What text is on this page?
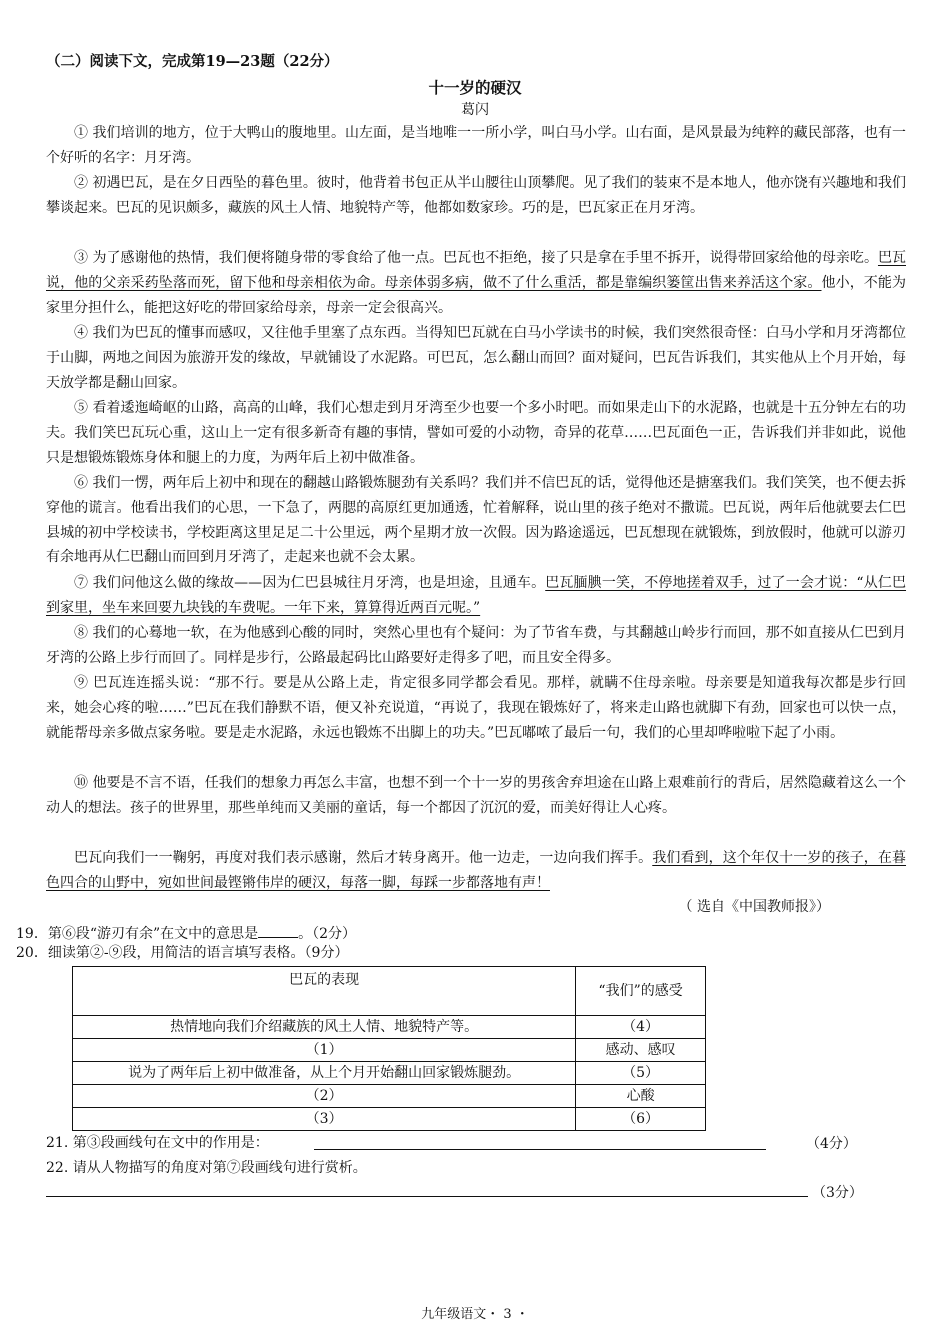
（二）阅读下文，完成第19—23题（22分）
十一岁的硬汉
葛闪

① 我们培训的地方，位于大鸭山的腹地里。山左面，是当地唯一一所小学，叫白马小学。山右面，是风景最为纯粹的藏民部落，也有一个好听的名字：月牙湾。

② 初遇巴瓦，是在夕日西坠的暮色里。彼时，他背着书包正从半山腰往山顶攀爬。见了我们的装束不是本地人，他亦饶有兴趣地和我们攀谈起来。巴瓦的见识颇多，藏族的风土人情、地貌特产等，他都如数家珍。巧的是，巴瓦家正在月牙湾。

③ 为了感谢他的热情，我们便将随身带的零食给了他一点。巴瓦也不拒绝，接了只是拿在手里不拆开，说得带回家给他的母亲吃。巴瓦说，他的父亲采药坠落而死，留下他和母亲相依为命。母亲体弱多病，做不了什么重活，都是靠编织篓筐出售来养活这个家。他小，不能为家里分担什么，能把这好吃的带回家给母亲，母亲一定会很高兴。

④ 我们为巴瓦的懂事而感叹，又往他手里塞了点东西。当得知巴瓦就在白马小学读书的时候，我们突然很奇怪：白马小学和月牙湾都位于山脚，两地之间因为旅游开发的缘故，早就铺设了水泥路。可巴瓦，怎么翻山而回？面对疑问，巴瓦告诉我们，其实他从上个月开始，每天放学都是翻山回家。

⑤ 看着逶迤崎岖的山路，高高的山峰，我们心想走到月牙湾至少也要一个多小时吧。而如果走山下的水泥路，也就是十五分钟左右的功夫。我们笑巴瓦玩心重，这山上一定有很多新奇有趣的事情，譬如可爱的小动物，奇异的花草……巴瓦面色一正，告诉我们并非如此，说他只是想锻炼锻炼身体和腿上的力度，为两年后上初中做准备。

⑥ 我们一愣，两年后上初中和现在的翻越山路锻炼腿劲有关系吗？我们并不信巴瓦的话，觉得他还是搪塞我们。我们笑笑，也不便去拆穿他的谎言。他看出我们的心思，一下急了，两腮的高原红更加通透，忙着解释，说山里的孩子绝对不撒谎。巴瓦说，两年后他就要去仁巴县城的初中学校读书，学校距离这里足足二十公里远，两个星期才放一次假。因为路途遥远，巴瓦想现在就锻炼，到放假时，他就可以游刃有余地再从仁巴翻山而回到月牙湾了，走起来也就不会太累。

⑦ 我们问他这么做的缘故——因为仁巴县城往月牙湾，也是坦途，且通车。巴瓦腼腆一笑，不停地搓着双手，过了一会才说：“从仁巴到家里，坐车来回要九块钱的车费呢。一年下来，算算得近两百元呢。”

⑧ 我们的心蓦地一软，在为他感到心酸的同时，突然心里也有个疑问：为了节省车费，与其翻越山岭步行而回，那不如直接从仁巴到月牙湾的公路上步行而回了。同样是步行，公路最起码比山路要好走得多了吧，而且安全得多。

⑨ 巴瓦连连摇头说：“那不行。要是从公路上走，肯定很多同学都会看见。那样，就瞒不住母亲啦。母亲要是知道我每次都是步行回来，她会心疼的啦……”巴瓦在我们静默不语，便又补充说道，“再说了，我现在锻炼好了，将来走山路也就脚下有劲，回家也可以快一点，就能帮母亲多做点家务啦。要是走水泥路，永远也锻炼不出脚上的功夫。”巴瓦嘟哝了最后一句，我们的心里却哗啦啦下起了小雨。

⑩ 他要是不言不语，任我们的想象力再怎么丰富，也想不到一个十一岁的男孩舍弃坦途在山路上艰难前行的背后，居然隐藏着这么一个动人的想法。孩子的世界里，那些单纯而又美丽的童话，每一个都因了沉沉的爱，而美好得让人心疼。

巴瓦向我们一一鞠躬，再度对我们表示感谢，然后才转身离开。他一边走，一边向我们挥手。我们看到，这个年仅十一岁的孩子，在暮色四合的山野中，宛如世间最铿锵伟岸的硬汉，每落一脚，每踩一步都落地有声！

（ 选自《中国教师报》）
19．第⑥段“游刃有余”在文中的意思是	。（2分）
20．细读第②-⑨段，用简洁的语言填写表格。（9分）
巴瓦的表现	“我们”的感受
热情地向我们介绍藏族的风土人情、地貌特产等。	（4）
（1）	感动、感叹
说为了两年后上初中做准备，从上个月开始翻山回家锻炼腿劲。	（5）
（2）	心酸
（3）	（6）
21. 第③段画线句在文中的作用是：	（4分）
22. 请从人物描写的角度对第⑦段画线句进行赏析。
（3分）
九年级语文・ 3 ・
